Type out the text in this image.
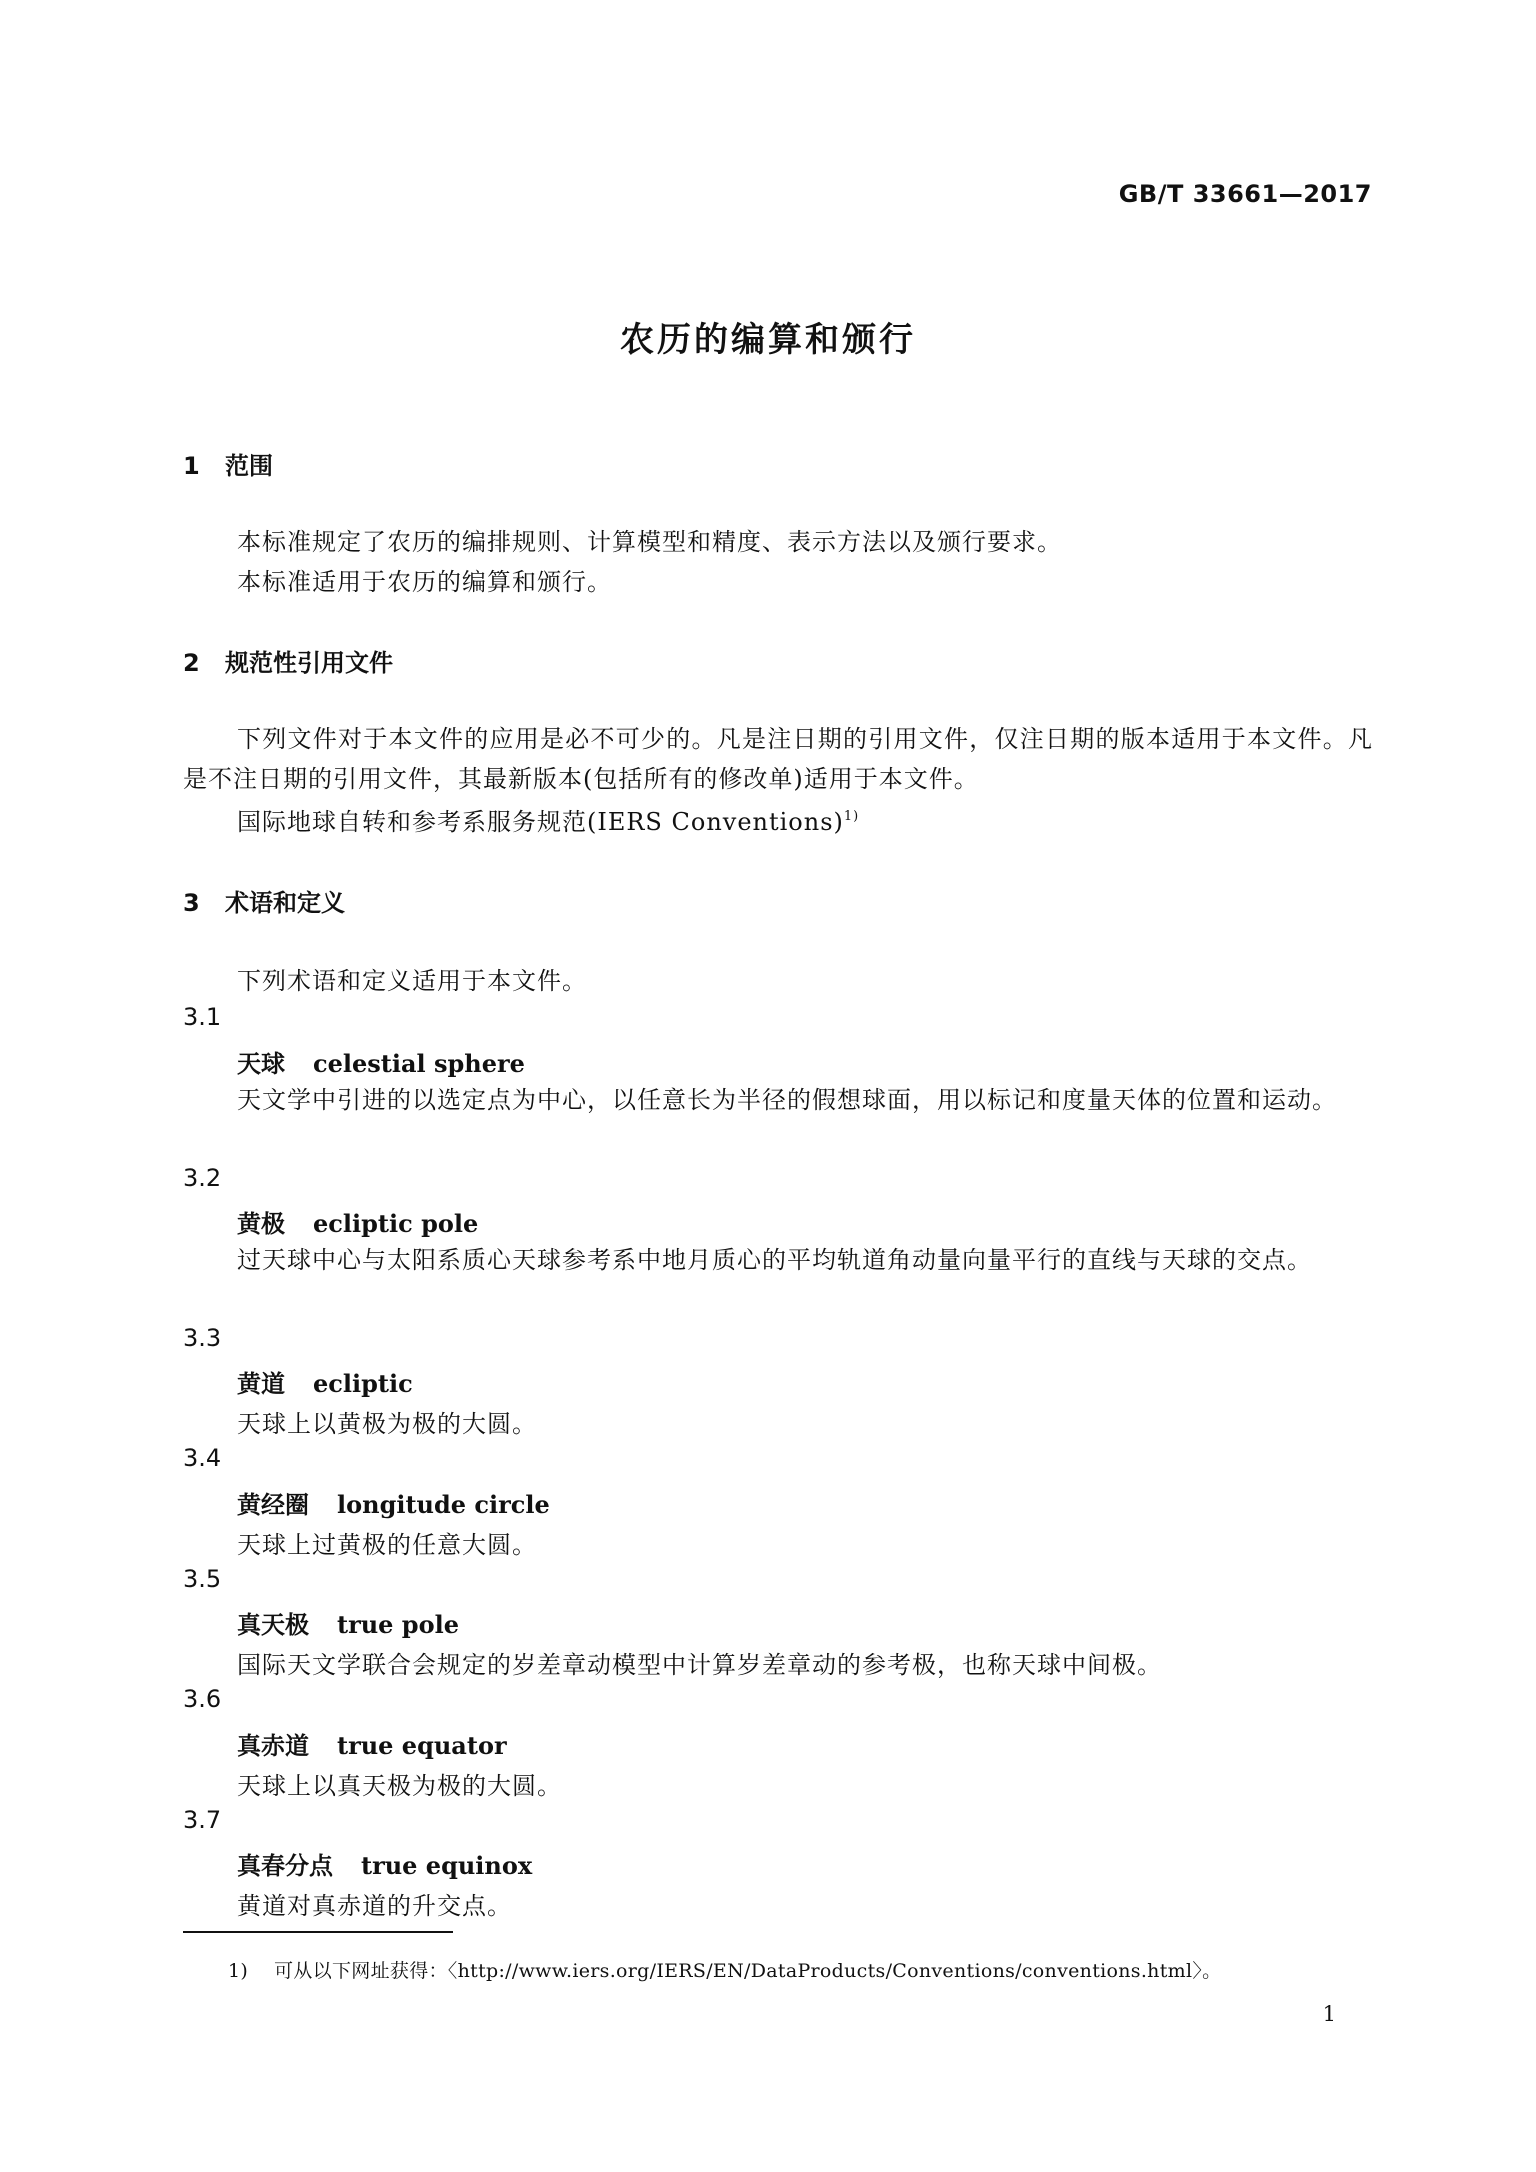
GB/T 33661—2017
农历的编算和颁行
1 范围
本标准规定了农历的编排规则、计算模型和精度、表示方法以及颁行要求。
本标准适用于农历的编算和颁行。
2 规范性引用文件
下列文件对于本文件的应用是必不可少的。凡是注日期的引用文件，仅注日期的版本适用于本文件。凡是不注日期的引用文件，其最新版本(包括所有的修改单)适用于本文件。
国际地球自转和参考系服务规范(IERS Conventions)$^{1)}$
3 术语和定义
下列术语和定义适用于本文件。
3.1
天球 celestial sphere
天文学中引进的以选定点为中心，以任意长为半径的假想球面，用以标记和度量天体的位置和运动。
3.2
黄极 ecliptic pole
过天球中心与太阳系质心天球参考系中地月质心的平均轨道角动量向量平行的直线与天球的交点。
3.3
黄道 ecliptic
天球上以黄极为极的大圆。
3.4
黄经圈 longitude circle
天球上过黄极的任意大圆。
3.5
真天极 true pole
国际天文学联合会规定的岁差章动模型中计算岁差章动的参考极，也称天球中间极。
3.6
真赤道 true equator
天球上以真天极为极的大圆。
3.7
真春分点 true equinox
黄道对真赤道的升交点。
1) 可从以下网址获得：〈http://www.iers.org/IERS/EN/DataProducts/Conventions/conventions.html〉。
1
